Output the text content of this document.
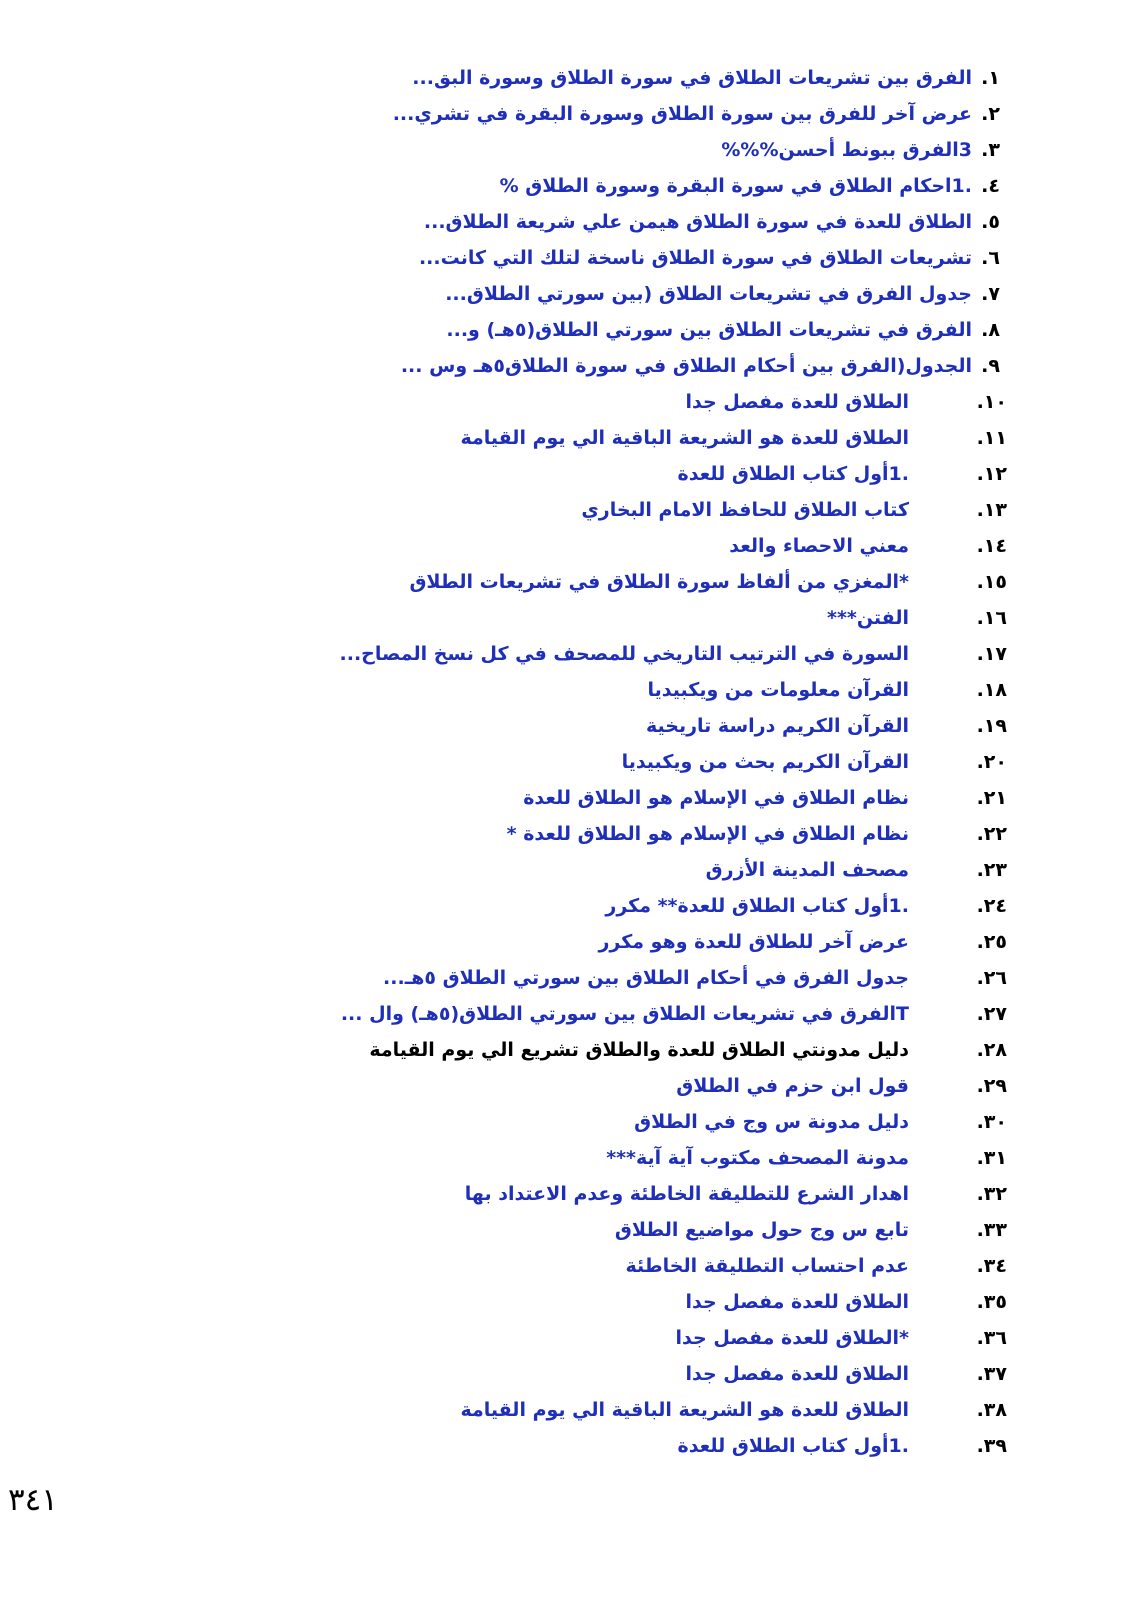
١.الفرق بين تشريعات الطلاق في سورة الطلاق وسورة البق...
٢.عرض آخر للفرق بين سورة الطلاق وسورة البقرة في تشري...
٣.3الفرق ببونط أحسن%%%
٤..1احكام الطلاق في سورة البقرة وسورة الطلاق %
٥.الطلاق للعدة في سورة الطلاق هيمن علي شريعة الطلاق...
٦.تشريعات الطلاق في سورة الطلاق ناسخة لتلك التي كانت...
٧.جدول الفرق في تشريعات الطلاق (بين سورتي الطلاق...
٨.الفرق في تشريعات الطلاق بين سورتي الطلاق(٥هـ) و...
٩.الجدول(الفرق بين أحكام الطلاق في سورة الطلاق٥هـ وس ...
١٠.الطلاق للعدة مفصل جدا
١١.الطلاق للعدة هو الشريعة الباقية الي يوم القيامة
١٢..1أول كتاب الطلاق للعدة
١٣.كتاب الطلاق للحافظ الامام البخاري
١٤.معني الاحصاء والعد
١٥.*المغزي من ألفاظ سورة الطلاق في تشريعات الطلاق
١٦.الفتن***
١٧.السورة في الترتيب التاريخي للمصحف في كل نسخ المصاح...
١٨.القرآن معلومات من ويكبيديا
١٩.القرآن الكريم دراسة تاريخية
٢٠.القرآن الكريم بحث من ويكبيديا
٢١.نظام الطلاق في الإسلام هو الطلاق للعدة
٢٢.نظام الطلاق في الإسلام هو الطلاق للعدة *
٢٣.مصحف المدينة الأزرق
٢٤..1أول كتاب الطلاق للعدة** مكرر
٢٥.عرض آخر للطلاق للعدة وهو مكرر
٢٦.جدول الفرق في أحكام الطلاق بين سورتي الطلاق ٥هـ...
٢٧.Tالفرق في تشريعات الطلاق بين سورتي الطلاق(٥هـ) وال ...
٢٨.دليل مدونتي الطلاق للعدة والطلاق تشريع الي يوم القيامة
٢٩.قول ابن حزم في الطلاق
٣٠.دليل مدونة س وج في الطلاق
٣١.مدونة المصحف مكتوب آية آية***
٣٢.اهدار الشرع للتطليقة الخاطئة وعدم الاعتداد بها
٣٣.تابع س وج حول مواضيع الطلاق
٣٤.عدم احتساب التطليقة الخاطئة
٣٥.الطلاق للعدة مفصل جدا
٣٦.*الطلاق للعدة مفصل جدا
٣٧.الطلاق للعدة مفصل جدا
٣٨.الطلاق للعدة هو الشريعة الباقية الي يوم القيامة
٣٩..1أول كتاب الطلاق للعدة
٣٤١
